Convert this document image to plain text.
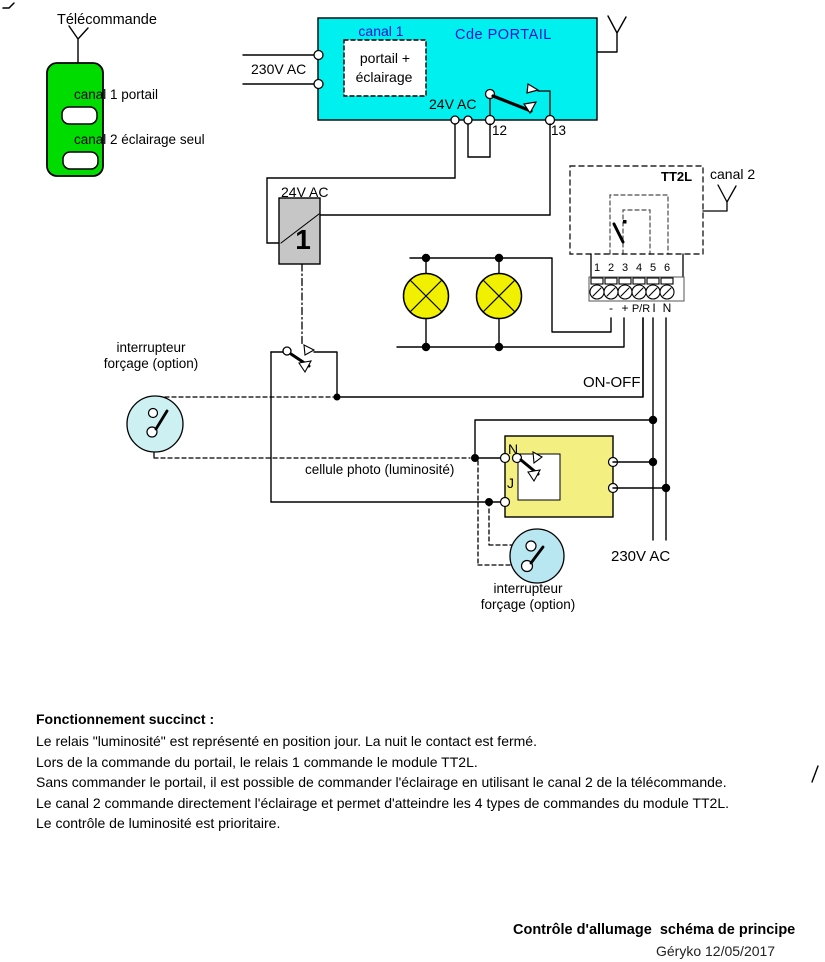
Télécommande
canal 1 portail
canal 2 éclairage seul
230V AC
canal 1	Cde PORTAIL
portail +
éclairage
24V AC
12	13
24V AC
1
TT2L canal 2
1 2 3 4 5 6
- + P/R I N
interrupteur
forçage (option)
ON-OFF
cellule photo (luminosité)
N
J
230V AC
interrupteur
forçage (option)
Fonctionnement succinct :
Le relais "luminosité" est représenté en position jour. La nuit le contact est fermé.
Lors de la commande du portail, le relais 1 commande le module TT2L.
Sans commander le portail, il est possible de commander l'éclairage en utilisant le canal 2 de la télécommande.
Le canal 2 commande directement l'éclairage et permet d'atteindre les 4 types de commandes du module TT2L.
Le contrôle de luminosité est prioritaire.
Contrôle d'allumage  schéma de principe
Géryko 12/05/2017
